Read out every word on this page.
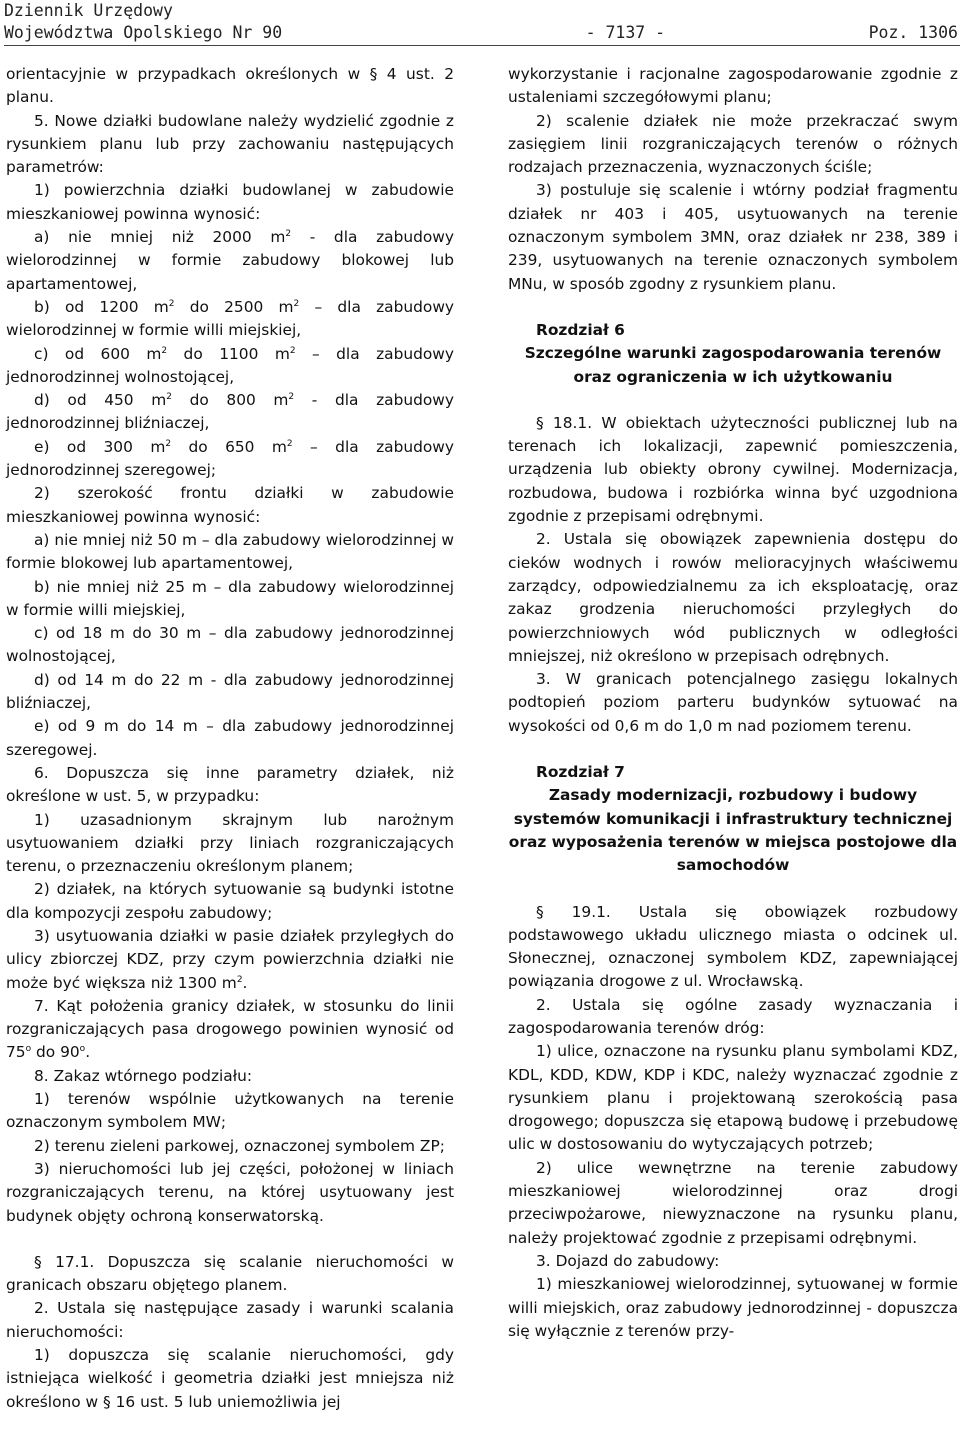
Dziennik Urzędowy
Województwa Opolskiego Nr 90	- 7137 -	Poz. 1306

orientacyjnie w przypadkach określonych w § 4 ust. 2 planu.

5. Nowe działki budowlane należy wydzielić zgodnie z rysunkiem planu lub przy zachowaniu następujących parametrów:

1) powierzchnia działki budowlanej w zabudowie mieszkaniowej powinna wynosić:

a) nie mniej niż 2000 $m^2$ - dla zabudowy wielorodzinnej w formie zabudowy blokowej lub apartamentowej,

b) od 1200 $m^2$ do 2500 $m^2$ – dla zabudowy wielorodzinnej w formie willi miejskiej,

c) od 600 $m^2$ do 1100 $m^2$ – dla zabudowy jednorodzinnej wolnostojącej,

d) od 450 $m^2$ do 800 $m^2$ - dla zabudowy jednorodzinnej bliźniaczej,

e) od 300 $m^2$ do 650 $m^2$ – dla zabudowy jednorodzinnej szeregowej;

2) szerokość frontu działki w zabudowie mieszkaniowej powinna wynosić:

a) nie mniej niż 50 m – dla zabudowy wielorodzinnej w formie blokowej lub apartamentowej,

b) nie mniej niż 25 m – dla zabudowy wielorodzinnej w formie willi miejskiej,

c) od 18 m do 30 m – dla zabudowy jednorodzinnej wolnostojącej,

d) od 14 m do 22 m - dla zabudowy jednorodzinnej bliźniaczej,

e) od 9 m do 14 m – dla zabudowy jednorodzinnej szeregowej.

6. Dopuszcza się inne parametry działek, niż określone w ust. 5, w przypadku:

1) uzasadnionym skrajnym lub narożnym usytuowaniem działki przy liniach rozgraniczających terenu, o przeznaczeniu określonym planem;

2) działek, na których sytuowanie są budynki istotne dla kompozycji zespołu zabudowy;

3) usytuowania działki w pasie działek przyległych do ulicy zbiorczej KDZ, przy czym powierzchnia działki nie może być większa niż 1300 $m^2$.

7. Kąt położenia granicy działek, w stosunku do linii rozgraniczających pasa drogowego powinien wynosić od 75$^o$ do 90$^o$.

8. Zakaz wtórnego podziału:

1) terenów wspólnie użytkowanych na terenie oznaczonym symbolem MW;

2) terenu zieleni parkowej, oznaczonej symbolem ZP;

3) nieruchomości lub jej części, położonej w liniach rozgraniczających terenu, na której usytuowany jest budynek objęty ochroną konserwatorską.

§ 17.1. Dopuszcza się scalanie nieruchomości w granicach obszaru objętego planem.

2. Ustala się następujące zasady i warunki scalania nieruchomości:

1) dopuszcza się scalanie nieruchomości, gdy istniejąca wielkość i geometria działki jest mniejsza niż określono w § 16 ust. 5 lub uniemożliwia jej

wykorzystanie i racjonalne zagospodarowanie zgodnie z ustaleniami szczegółowymi planu;

2) scalenie działek nie może przekraczać swym zasięgiem linii rozgraniczających terenów o różnych rodzajach przeznaczenia, wyznaczonych ściśle;

3) postuluje się scalenie i wtórny podział fragmentu działek nr 403 i 405, usytuowanych na terenie oznaczonym symbolem 3MN, oraz działek nr 238, 389 i 239, usytuowanych na terenie oznaczonych symbolem MNu, w sposób zgodny z rysunkiem planu.

Rozdział 6

Szczególne warunki zagospodarowania terenów oraz ograniczenia w ich użytkowaniu

§ 18.1. W obiektach użyteczności publicznej lub na terenach ich lokalizacji, zapewnić pomieszczenia, urządzenia lub obiekty obrony cywilnej. Modernizacja, rozbudowa, budowa i rozbiórka winna być uzgodniona zgodnie z przepisami odrębnymi.

2. Ustala się obowiązek zapewnienia dostępu do cieków wodnych i rowów melioracyjnych właściwemu zarządcy, odpowiedzialnemu za ich eksploatację, oraz zakaz grodzenia nieruchomości przyległych do powierzchniowych wód publicznych w odległości mniejszej, niż określono w przepisach odrębnych.

3. W granicach potencjalnego zasięgu lokalnych podtopień poziom parteru budynków sytuować na wysokości od 0,6 m do 1,0 m nad poziomem terenu.

Rozdział 7

Zasady modernizacji, rozbudowy i budowy systemów komunikacji i infrastruktury technicznej oraz wyposażenia terenów w miejsca postojowe dla samochodów

§ 19.1. Ustala się obowiązek rozbudowy podstawowego układu ulicznego miasta o odcinek ul. Słonecznej, oznaczonej symbolem KDZ, zapewniającej powiązania drogowe z ul. Wrocławską.

2. Ustala się ogólne zasady wyznaczania i zagospodarowania terenów dróg:

1) ulice, oznaczone na rysunku planu symbolami KDZ, KDL, KDD, KDW, KDP i KDC, należy wyznaczać zgodnie z rysunkiem planu i projektowaną szerokością pasa drogowego; dopuszcza się etapową budowę i przebudowę ulic w dostosowaniu do wytyczających potrzeb;

2) ulice wewnętrzne na terenie zabudowy mieszkaniowej wielorodzinnej oraz drogi przeciwpożarowe, niewyznaczone na rysunku planu, należy projektować zgodnie z przepisami odrębnymi.

3. Dojazd do zabudowy:

1) mieszkaniowej wielorodzinnej, sytuowanej w formie willi miejskich, oraz zabudowy jednorodzinnej - dopuszcza się wyłącznie z terenów przy-
